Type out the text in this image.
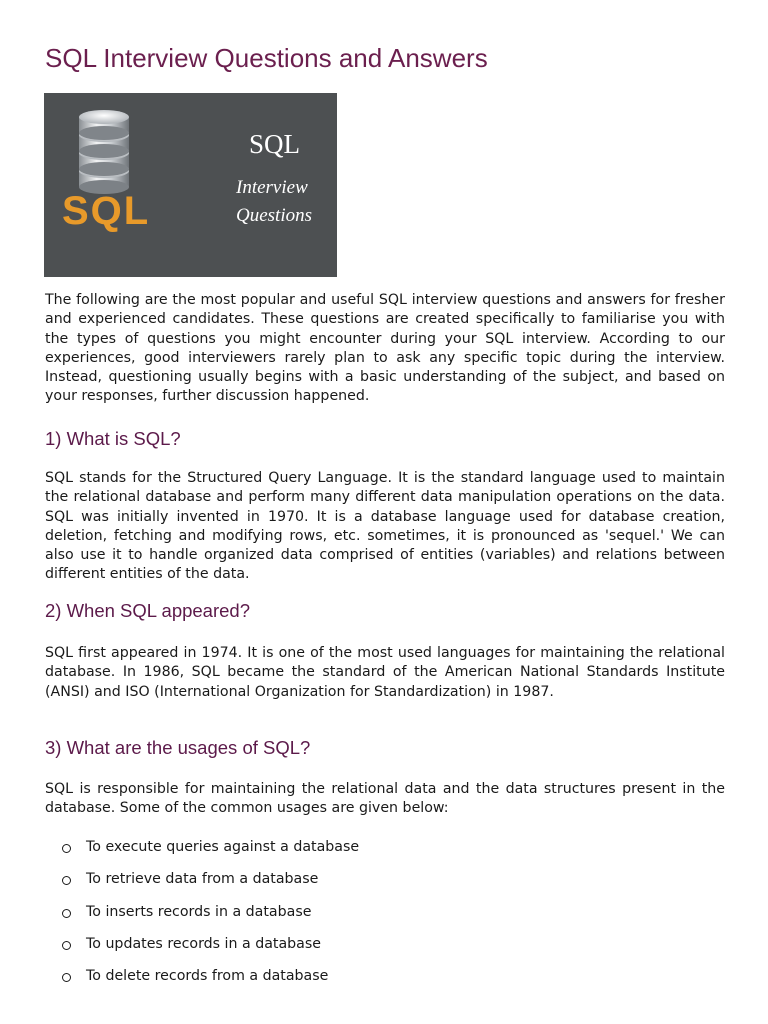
SQL Interview Questions and Answers
SQL
SQL
Interview
Questions

The following are the most popular and useful SQL interview questions and answers for fresher and experienced candidates. These questions are created specifically to familiarise you with the types of questions you might encounter during your SQL interview. According to our experiences, good interviewers rarely plan to ask any specific topic during the interview. Instead, questioning usually begins with a basic understanding of the subject, and based on your responses, further discussion happened.

1) What is SQL?

SQL stands for the Structured Query Language. It is the standard language used to maintain the relational database and perform many different data manipulation operations on the data. SQL was initially invented in 1970. It is a database language used for database creation, deletion, fetching and modifying rows, etc. sometimes, it is pronounced as 'sequel.' We can also use it to handle organized data comprised of entities (variables) and relations between different entities of the data.

2) When SQL appeared?

SQL first appeared in 1974. It is one of the most used languages for maintaining the relational database. In 1986, SQL became the standard of the American National Standards Institute (ANSI) and ISO (International Organization for Standardization) in 1987.

3) What are the usages of SQL?

SQL is responsible for maintaining the relational data and the data structures present in the database. Some of the common usages are given below:

To execute queries against a database
To retrieve data from a database
To inserts records in a database
To updates records in a database
To delete records from a database
